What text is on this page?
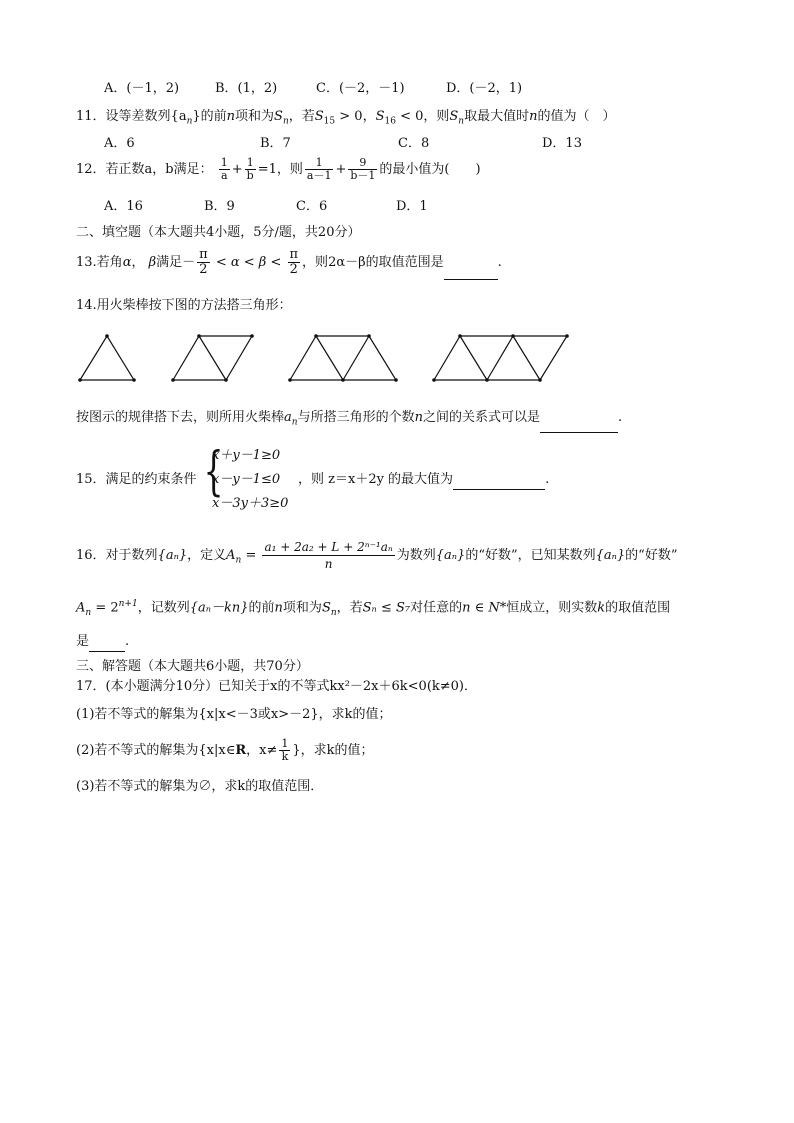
A．(－1，2)	B．(1，2)	C．(－2，－1)	D．(－2，1)
11．设等差数列$\{a_n\}$的前n项和为$S_n$，若$S_{15} > 0$，$S_{16} < 0$，则$S_n$取最大值时n的值为（　）
A．6	B．7	C．8	D．13
12．若正数a，b满足： $\frac{1}{a} + \frac{1}{b} =1$，则 $\frac{1}{a-1} + \frac{9}{b-1}$ 的最小值为(　　)
A．16	B．9	C．6	D．1
二、填空题（本大题共4小题，5分/题，共20分）
13.若角α， β满足－ $\frac{\pi}{2} < \alpha < \beta < \frac{\pi}{2}$ ，则2α－β的取值范围是	.
14.用火柴棒按下图的方法搭三角形：
按图示的规律搭下去，则所用火柴棒$a_n$与所搭三角形的个数n之间的关系式可以是	.
15．满足的约束条件 {
x＋y－1≥0
x－y－1≤0
x－3y＋3≥0
，则 z＝x＋2y 的最大值为	.
16．对于数列{aₙ}，定义$A_n = \frac{\text{a₁ + 2a₂ + L + 2ⁿ⁻¹aₙ}}{n}$ 为数列{aₙ}的“好数”，已知某数列{aₙ}的“好数”
$A_n = 2^{n+1}$，记数列{aₙ－kn}的前n项和为$S_n$，若Sₙ ≤ S₇对任意的n ∈ N*恒成立，则实数k的取值范围
是	.
三、解答题（本大题共6小题，共70分）
17．(本小题满分10分）已知关于x的不等式kx²－2x＋6k<0(k≠0)．
(1)若不等式的解集为{x|x<－3或x>－2}，求k的值；
(2)若不等式的解集为{x|x∈R，$x\ne \frac{1}{k}$ }，求k的值；
(3)若不等式的解集为∅，求k的取值范围．
